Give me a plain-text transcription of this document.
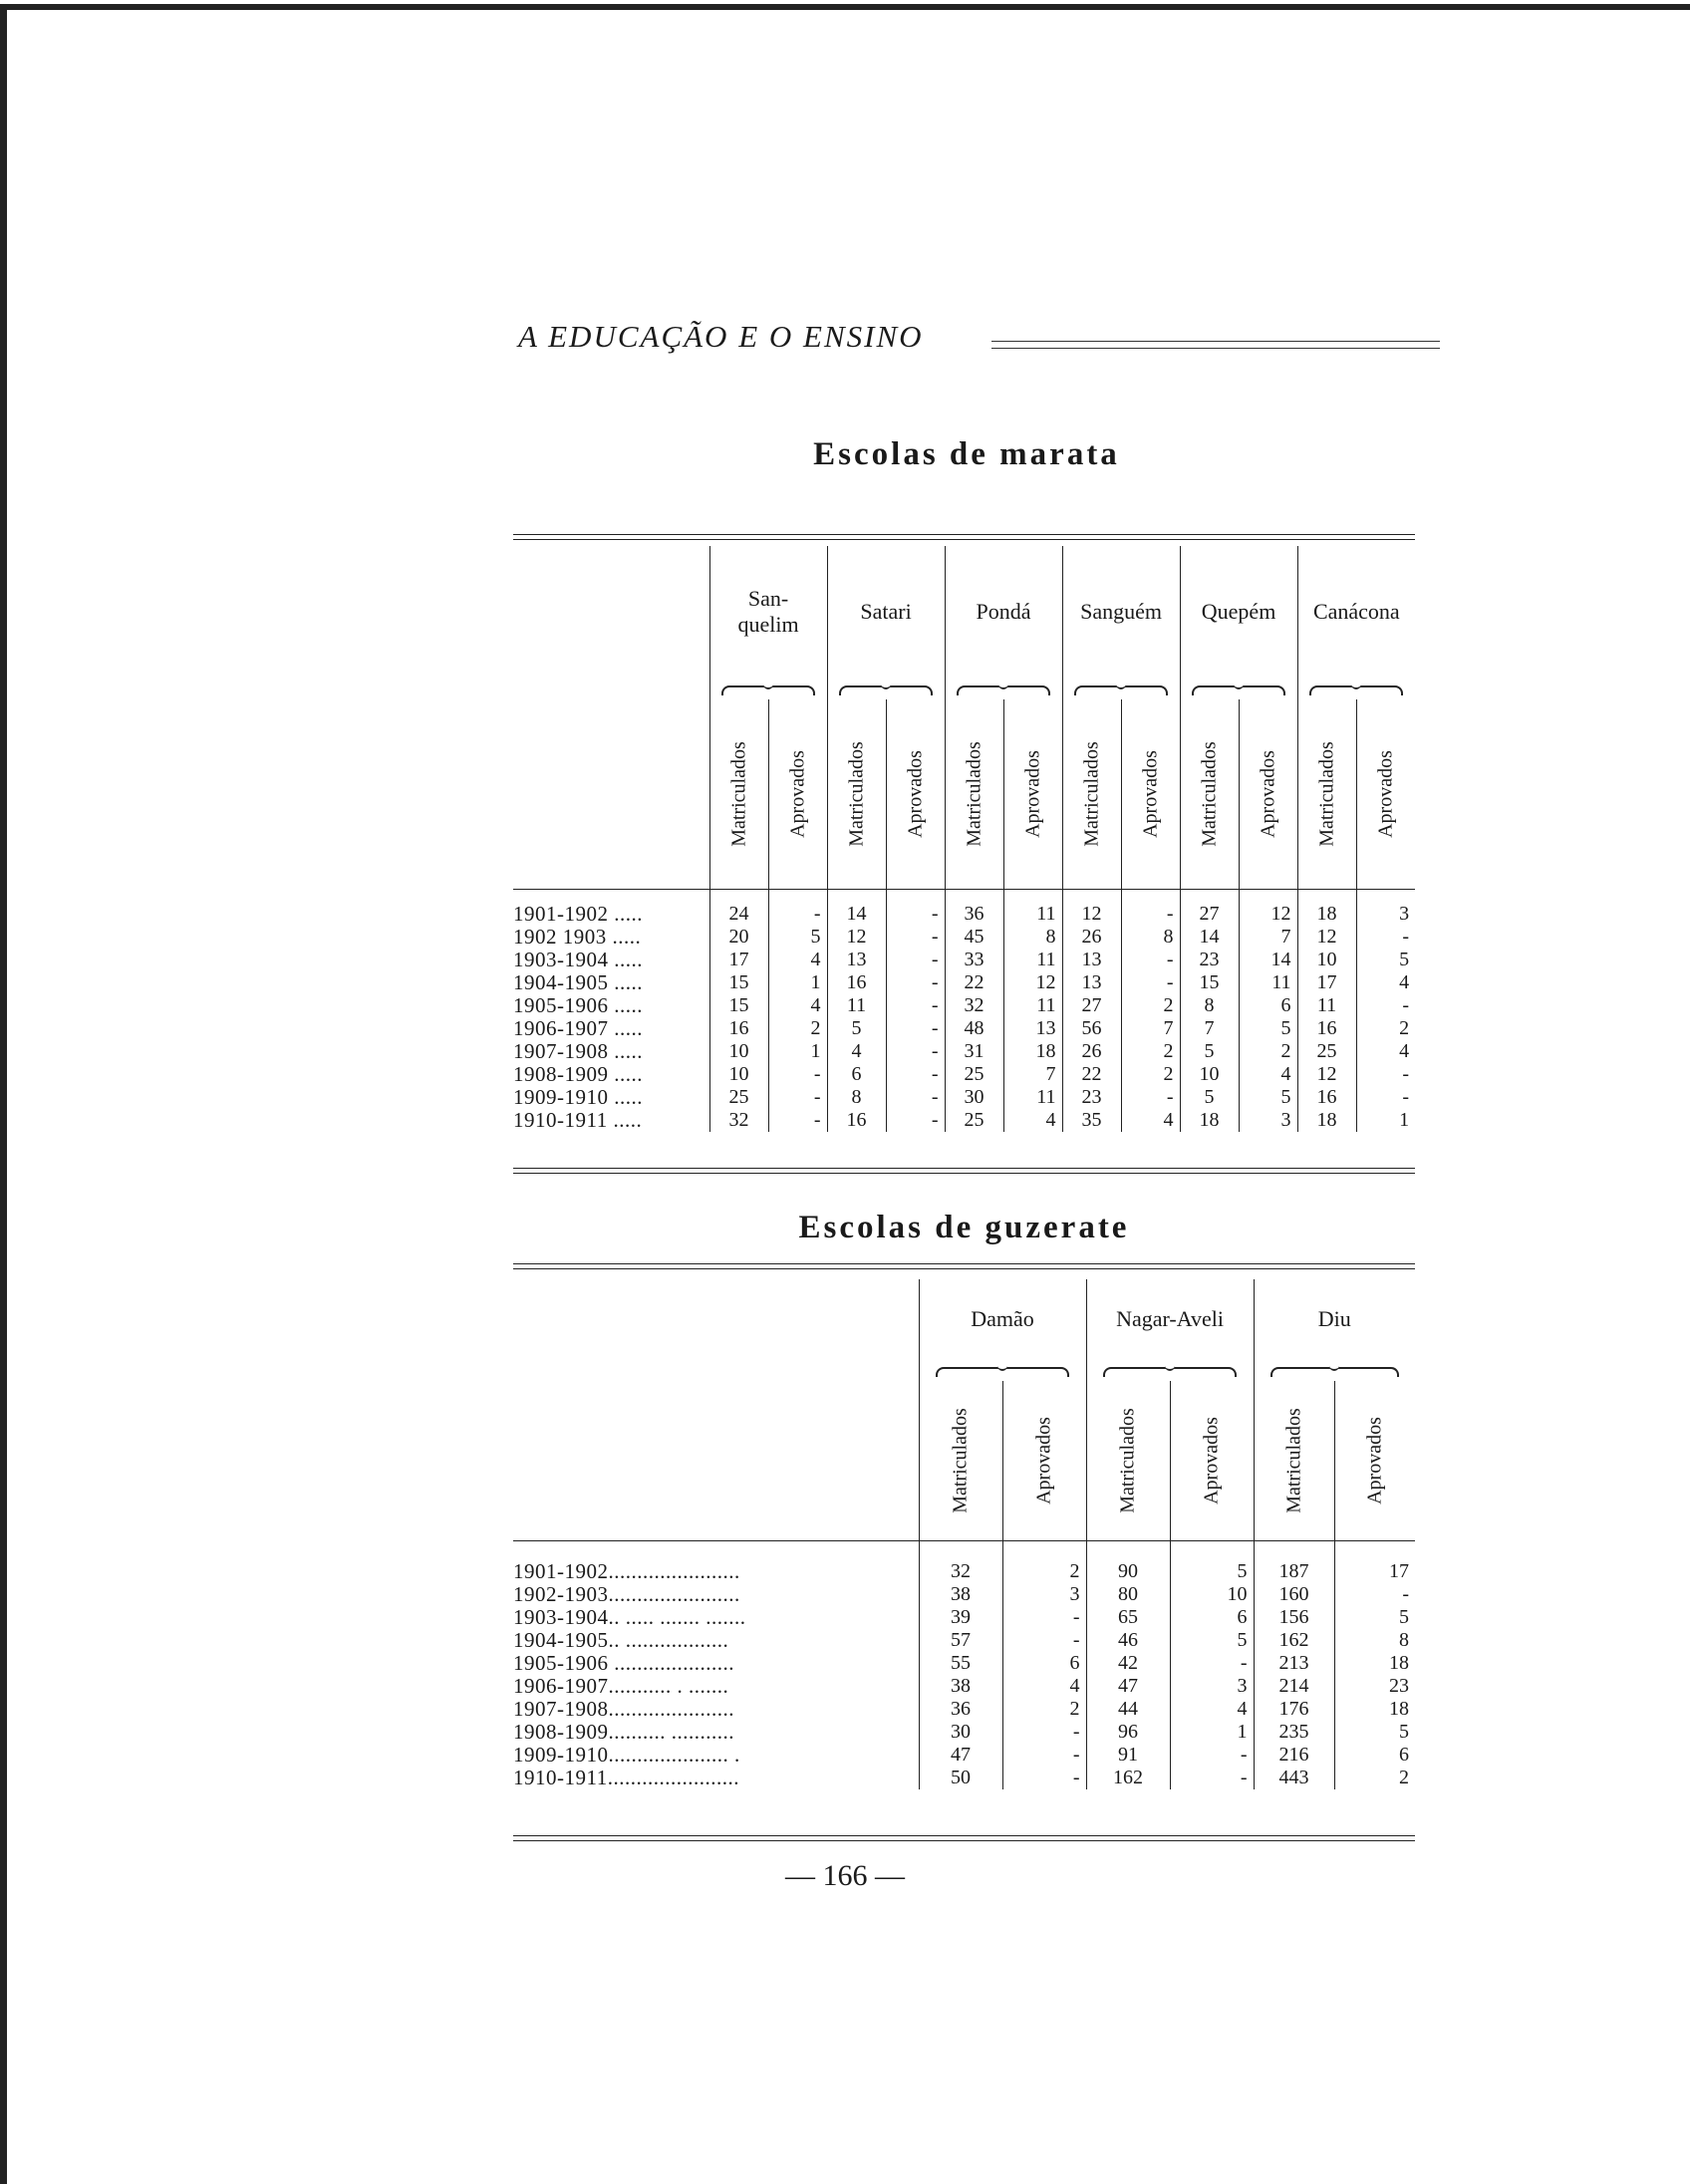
A EDUCAÇÃO E O ENSINO
Escolas de marata
	San-
quelim		Satari		Pondá		Sanguém		Quepém		Canácona	

	Matriculados	Aprovados	Matriculados	Aprovados	Matriculados	Aprovados	Matriculados	Aprovados	Matriculados	Aprovados	Matriculados	Aprovados

1901-1902 .....	24	-	14	-	36	11	12	-	27	12	18	3
1902 1903 .....	20	5	12	-	45	8	26	8	14	7	12	-
1903-1904 .....	17	4	13	-	33	11	13	-	23	14	10	5
1904-1905 .....	15	1	16	-	22	12	13	-	15	11	17	4
1905-1906 .....	15	4	11	-	32	11	27	2	8	6	11	-
1906-1907 .....	16	2	5	-	48	13	56	7	7	5	16	2
1907-1908 .....	10	1	4	-	31	18	26	2	5	2	25	4
1908-1909 .....	10	-	6	-	25	7	22	2	10	4	12	-
1909-1910 .....	25	-	8	-	30	11	23	-	5	5	16	-
1910-1911 .....	32	-	16	-	25	4	35	4	18	3	18	1
Escolas de guzerate
	Damão		Nagar-Aveli		Diu	

	Matriculados	Aprovados	Matriculados	Aprovados	Matriculados	Aprovados

1901-1902.......................	32	2	90	5	187	17
1902-1903.......................	38	3	80	10	160	-
1903-1904.. ..... ....... .......	39	-	65	6	156	5
1904-1905.. ..................	57	-	46	5	162	8
1905-1906 .....................	55	6	42	-	213	18
1906-1907........... . .......	38	4	47	3	214	23
1907-1908......................	36	2	44	4	176	18
1908-1909.......... ...........	30	-	96	1	235	5
1909-1910..................... .	47	-	91	-	216	6
1910-1911.......................	50	-	162	-	443	2
— 166 —
